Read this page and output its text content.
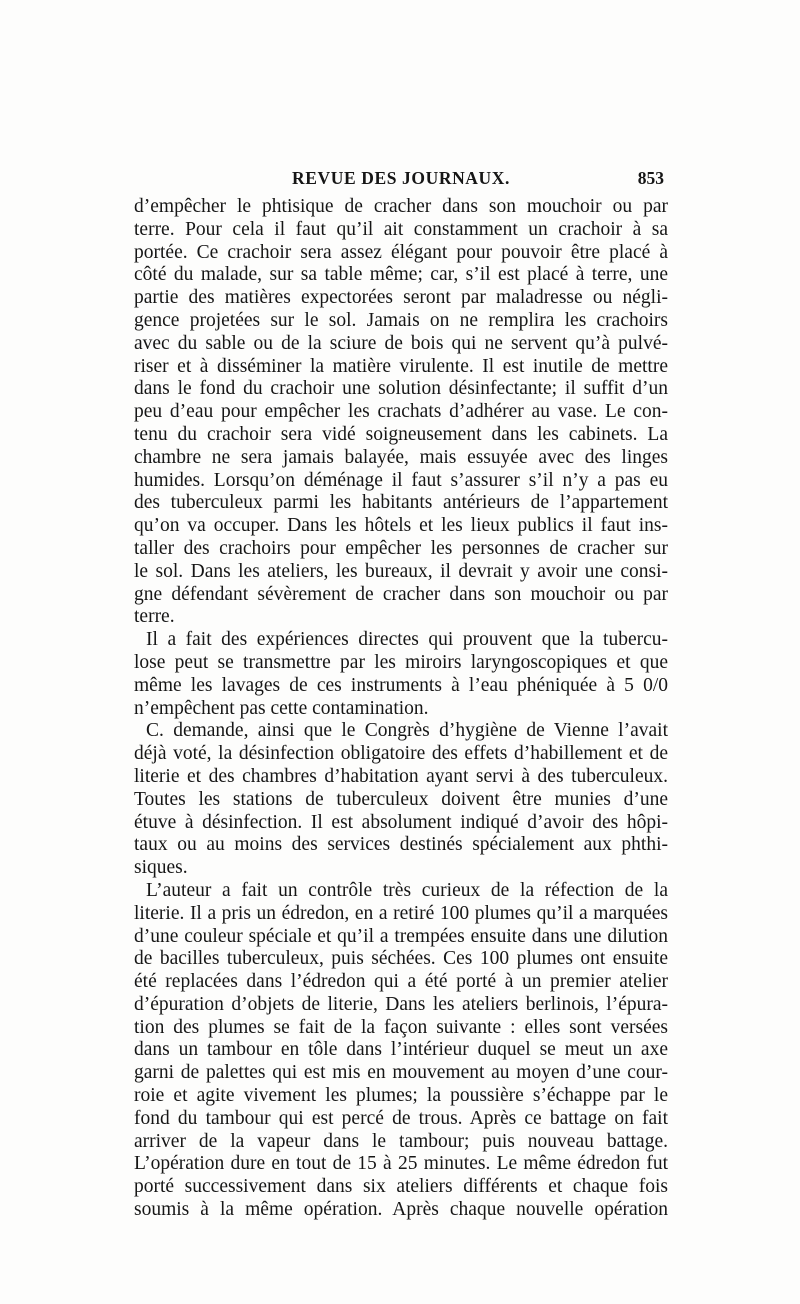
REVUE DES JOURNAUX.	853
d’empêcher le phtisique de cracher dans son mouchoir ou par
terre. Pour cela il faut qu’il ait constamment un crachoir à sa
portée. Ce crachoir sera assez élégant pour pouvoir être placé à
côté du malade, sur sa table même; car, s’il est placé à terre, une
partie des matières expectorées seront par maladresse ou négli-
gence projetées sur le sol. Jamais on ne remplira les crachoirs
avec du sable ou de la sciure de bois qui ne servent qu’à pulvé-
riser et à disséminer la matière virulente. Il est inutile de mettre
dans le fond du crachoir une solution désinfectante; il suffit d’un
peu d’eau pour empêcher les crachats d’adhérer au vase. Le con-
tenu du crachoir sera vidé soigneusement dans les cabinets. La
chambre ne sera jamais balayée, mais essuyée avec des linges
humides. Lorsqu’on déménage il faut s’assurer s’il n’y a pas eu
des tuberculeux parmi les habitants antérieurs de l’appartement
qu’on va occuper. Dans les hôtels et les lieux publics il faut ins-
taller des crachoirs pour empêcher les personnes de cracher sur
le sol. Dans les ateliers, les bureaux, il devrait y avoir une consi-
gne défendant sévèrement de cracher dans son mouchoir ou par
terre.
Il a fait des expériences directes qui prouvent que la tubercu-
lose peut se transmettre par les miroirs laryngoscopiques et que
même les lavages de ces instruments à l’eau phéniquée à 5 0/0
n’empêchent pas cette contamination.
C. demande, ainsi que le Congrès d’hygiène de Vienne l’avait
déjà voté, la désinfection obligatoire des effets d’habillement et de
literie et des chambres d’habitation ayant servi à des tuberculeux.
Toutes les stations de tuberculeux doivent être munies d’une
étuve à désinfection. Il est absolument indiqué d’avoir des hôpi-
taux ou au moins des services destinés spécialement aux phthi-
siques.
L’auteur a fait un contrôle très curieux de la réfection de la
literie. Il a pris un édredon, en a retiré 100 plumes qu’il a marquées
d’une couleur spéciale et qu’il a trempées ensuite dans une dilution
de bacilles tuberculeux, puis séchées. Ces 100 plumes ont ensuite
été replacées dans l’édredon qui a été porté à un premier atelier
d’épuration d’objets de literie, Dans les ateliers berlinois, l’épura-
tion des plumes se fait de la façon suivante : elles sont versées
dans un tambour en tôle dans l’intérieur duquel se meut un axe
garni de palettes qui est mis en mouvement au moyen d’une cour-
roie et agite vivement les plumes; la poussière s’échappe par le
fond du tambour qui est percé de trous. Après ce battage on fait
arriver de la vapeur dans le tambour; puis nouveau battage.
L’opération dure en tout de 15 à 25 minutes. Le même édredon fut
porté successivement dans six ateliers différents et chaque fois
soumis à la même opération. Après chaque nouvelle opération
